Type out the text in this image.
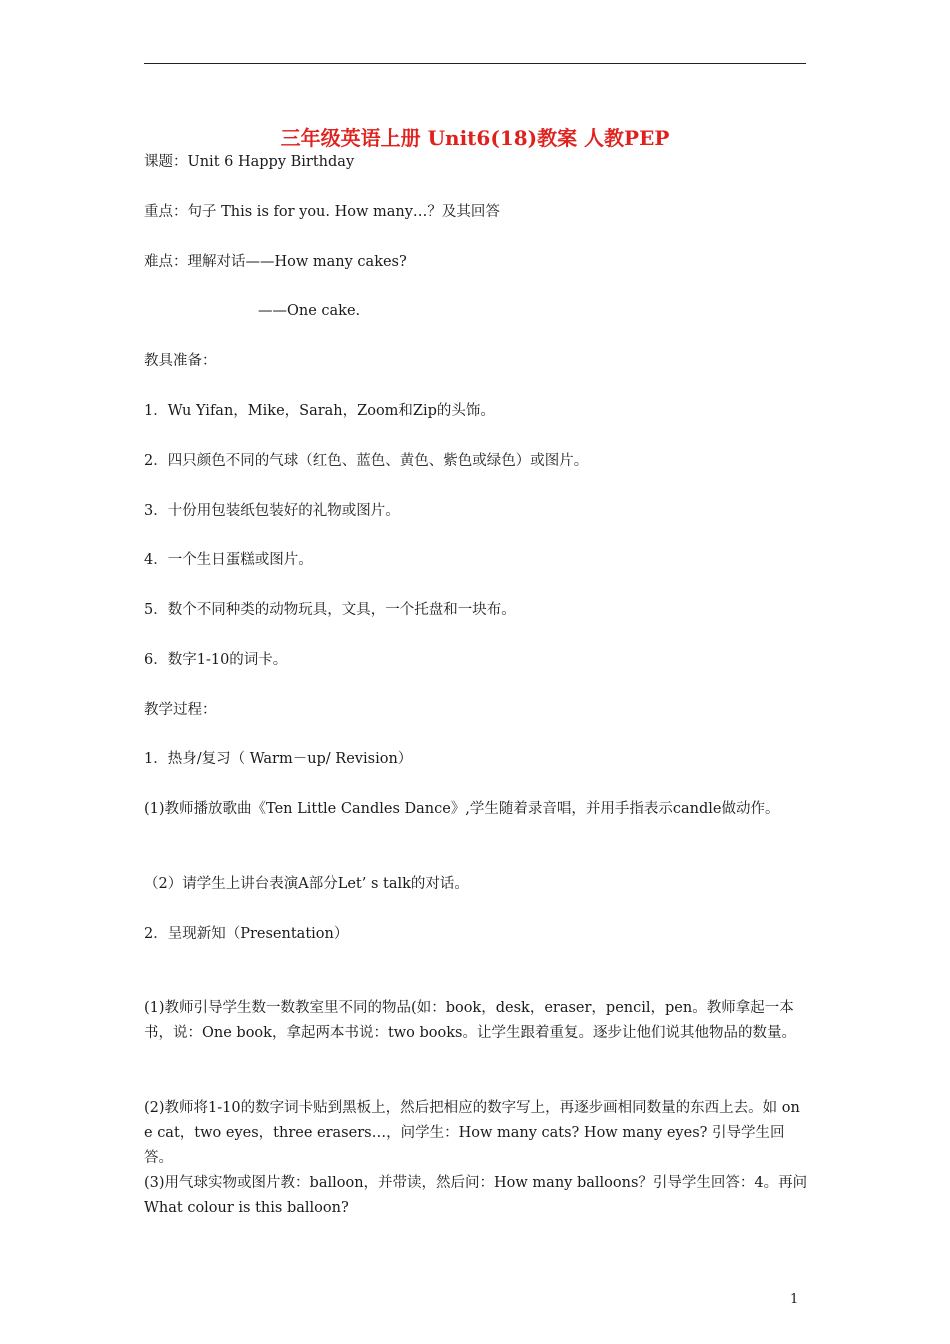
三年级英语上册 Unit6(18)教案 人教PEP
课题：Unit 6 Happy Birthday
重点：句子 This is for you. How many…？及其回答
难点：理解对话——How many cakes?
——One cake.
教具准备：
1．Wu Yifan，Mike，Sarah，Zoom和Zip的头饰。
2．四只颜色不同的气球（红色、蓝色、黄色、紫色或绿色）或图片。
3．十份用包装纸包装好的礼物或图片。
4．一个生日蛋糕或图片。
5．数个不同种类的动物玩具，文具，一个托盘和一块布。
6．数字1-10的词卡。
教学过程：
1．热身/复习（ Warm－up/ Revision）
(1)教师播放歌曲《Ten Little Candles Dance》,学生随着录音唱，并用手指表示candle做动作。
（2）请学生上讲台表演A部分Let’ s talk的对话。
2．呈现新知（Presentation）
(1)教师引导学生数一数教室里不同的物品(如：book，desk，eraser，pencil，pen。教师拿起一本书，说：One book，拿起两本书说：two books。让学生跟着重复。逐步让他们说其他物品的数量。
(2)教师将1-10的数字词卡贴到黑板上，然后把相应的数字写上，再逐步画相同数量的东西上去。如 one cat，two eyes，three erasers…，问学生：How many cats? How many eyes? 引导学生回答。
(3)用气球实物或图片教：balloon，并带读，然后问：How many balloons？引导学生回答：4。再问What colour is this balloon?
1
